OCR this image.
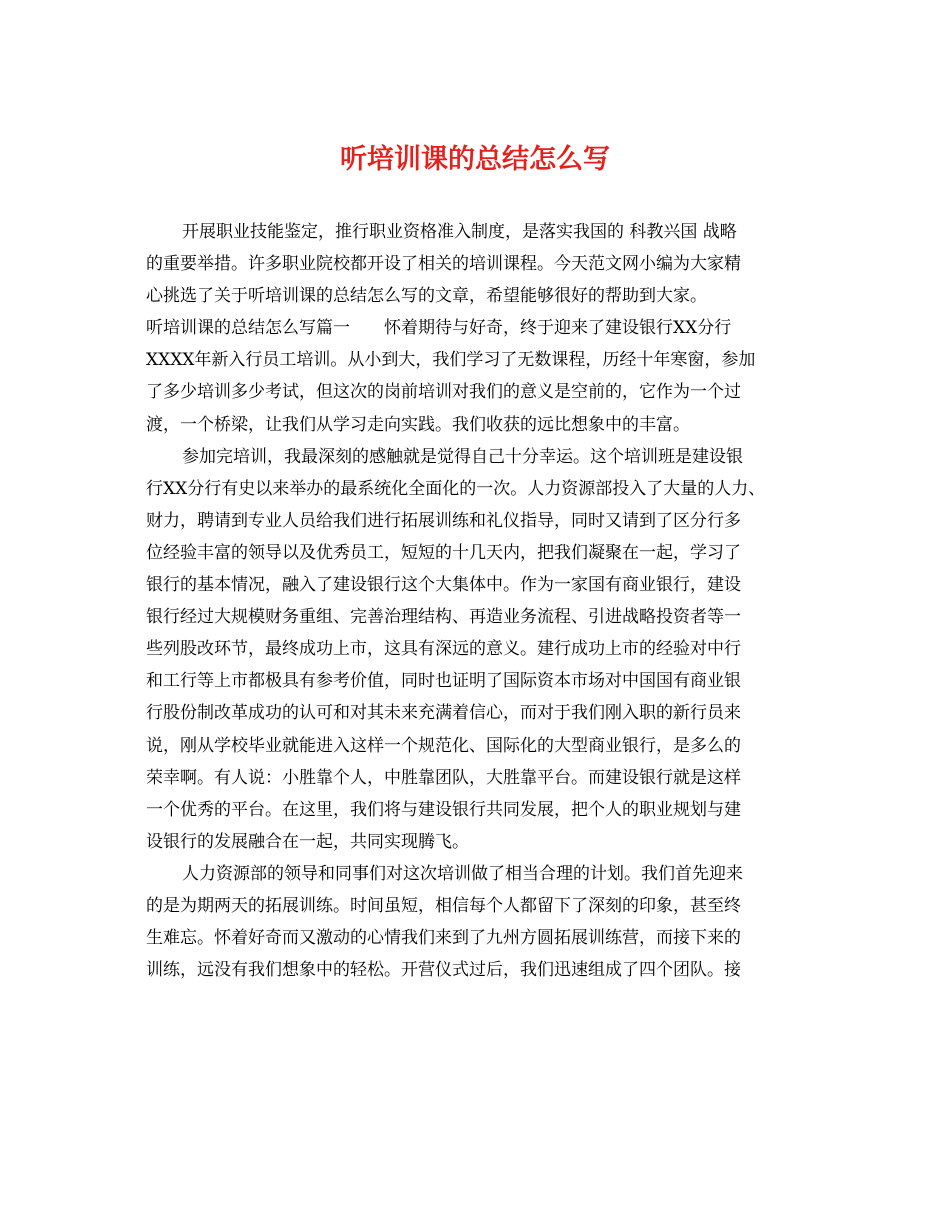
听培训课的总结怎么写
开展职业技能鉴定，推行职业资格准入制度，是落实我国的 科教兴国 战略
的重要举措。许多职业院校都开设了相关的培训课程。今天范文网小编为大家精
心挑选了关于听培训课的总结怎么写的文章，希望能够很好的帮助到大家。
听培训课的总结怎么写篇一　　怀着期待与好奇，终于迎来了建设银行XX分行
XXXX年新入行员工培训。从小到大，我们学习了无数课程，历经十年寒窗，参加
了多少培训多少考试，但这次的岗前培训对我们的意义是空前的，它作为一个过
渡，一个桥梁，让我们从学习走向实践。我们收获的远比想象中的丰富。
参加完培训，我最深刻的感触就是觉得自己十分幸运。这个培训班是建设银
行XX分行有史以来举办的最系统化全面化的一次。人力资源部投入了大量的人力、
财力，聘请到专业人员给我们进行拓展训练和礼仪指导，同时又请到了区分行多
位经验丰富的领导以及优秀员工，短短的十几天内，把我们凝聚在一起，学习了
银行的基本情况，融入了建设银行这个大集体中。作为一家国有商业银行，建设
银行经过大规模财务重组、完善治理结构、再造业务流程、引进战略投资者等一
些列股改环节，最终成功上市，这具有深远的意义。建行成功上市的经验对中行
和工行等上市都极具有参考价值，同时也证明了国际资本市场对中国国有商业银
行股份制改革成功的认可和对其未来充满着信心，而对于我们刚入职的新行员来
说，刚从学校毕业就能进入这样一个规范化、国际化的大型商业银行，是多么的
荣幸啊。有人说：小胜靠个人，中胜靠团队，大胜靠平台。而建设银行就是这样
一个优秀的平台。在这里，我们将与建设银行共同发展，把个人的职业规划与建
设银行的发展融合在一起，共同实现腾飞。
人力资源部的领导和同事们对这次培训做了相当合理的计划。我们首先迎来
的是为期两天的拓展训练。时间虽短，相信每个人都留下了深刻的印象，甚至终
生难忘。怀着好奇而又激动的心情我们来到了九州方圆拓展训练营，而接下来的
训练，远没有我们想象中的轻松。开营仪式过后，我们迅速组成了四个团队。接
